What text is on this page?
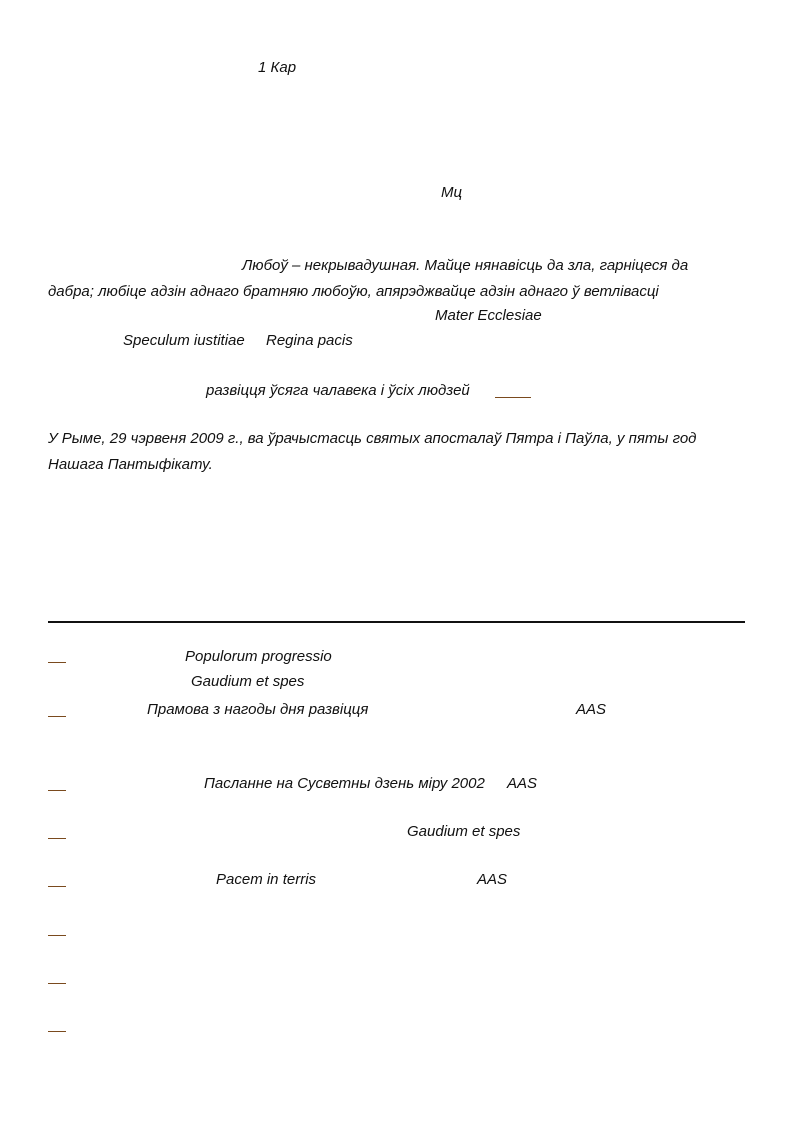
1 Кар
Мц
Любоў – некрывадушная. Майце нянавісць да зла, гарніцеся да
дабра; любіце адзін аднаго братняю любоўю, апярэджвайце адзін аднаго ў ветлівасці
Mater Ecclesiae
Speculum iustitiae Regina pacis
развіцця ўсяга чалавека і ўсіх людзей
У Рыме, 29 чэрвеня 2009 г., ва ўрачыстасць святых апосталаў Пятра і Паўла, у пяты год
Нашага Пантыфікату.
Populorum progressio
Gaudium et spes
Прамова з нагоды дня развіцця	AAS
Пасланне на Сусветны дзень міру 2002 AAS
Gaudium et spes
Pacem in terris	AAS
